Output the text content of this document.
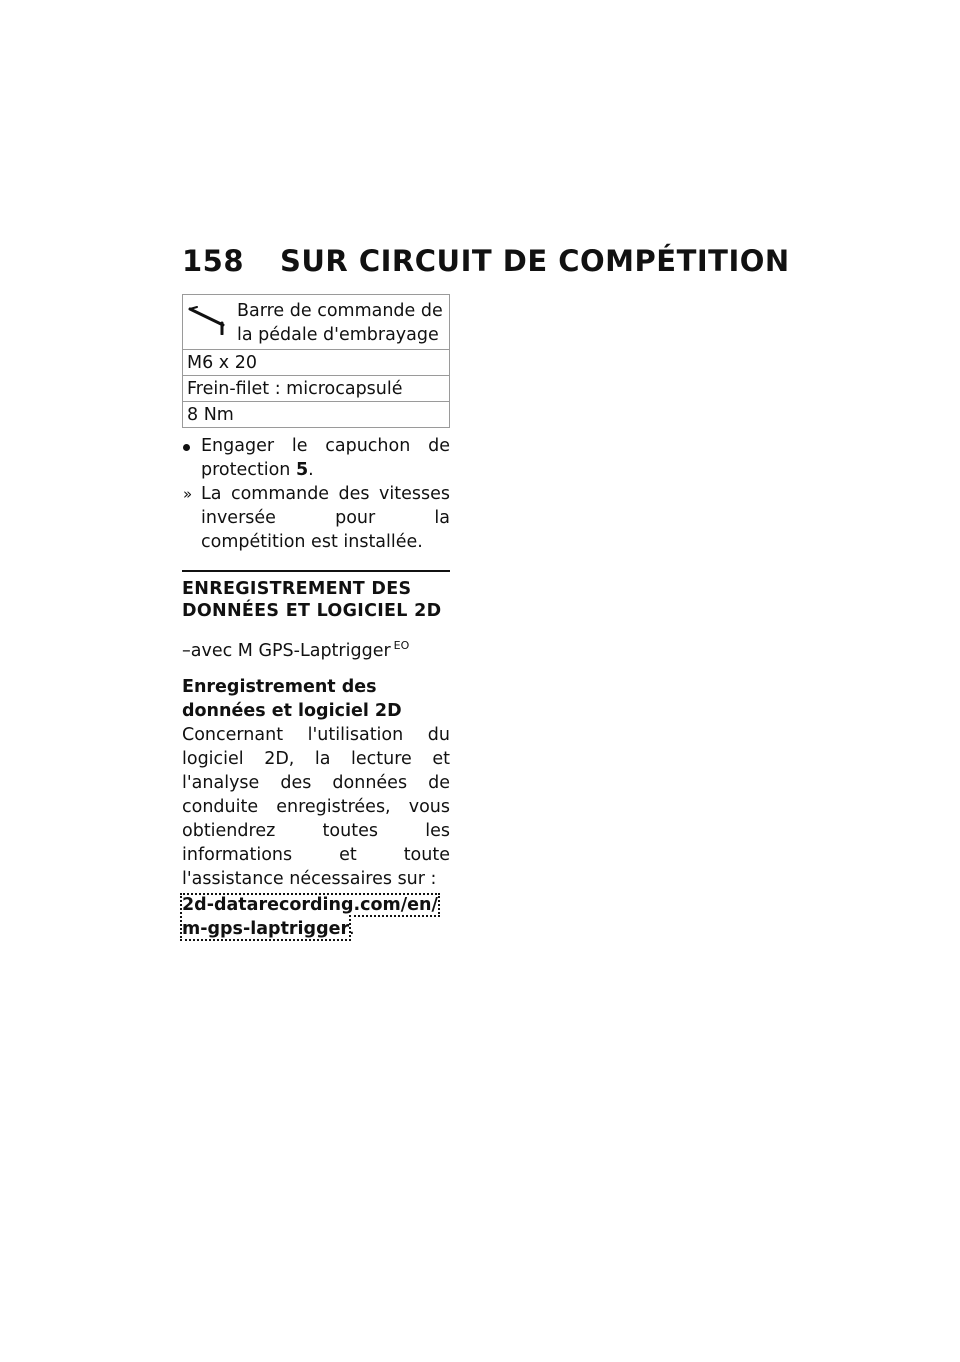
158 SUR CIRCUIT DE COMPÉTITION
Barre de commande de la pédale d'embrayage

M6 x 20
Frein-filet : microcapsulé
8 Nm
Engager le capuchon de protection 5.
» La commande des vitesses inversée pour la compétition est installée.
ENREGISTREMENT DES DONNÉES ET LOGICIEL 2D
–avec M GPS-Laptrigger $^{EO}$
Enregistrement des données et logiciel 2D
Concernant l'utilisation du logiciel 2D, la lecture et l'analyse des données de conduite enregistrées, vous obtiendrez toutes les informations et toute l'assistance nécessaires sur :
2d-datarecording.com/en/m-gps-laptrigger.
